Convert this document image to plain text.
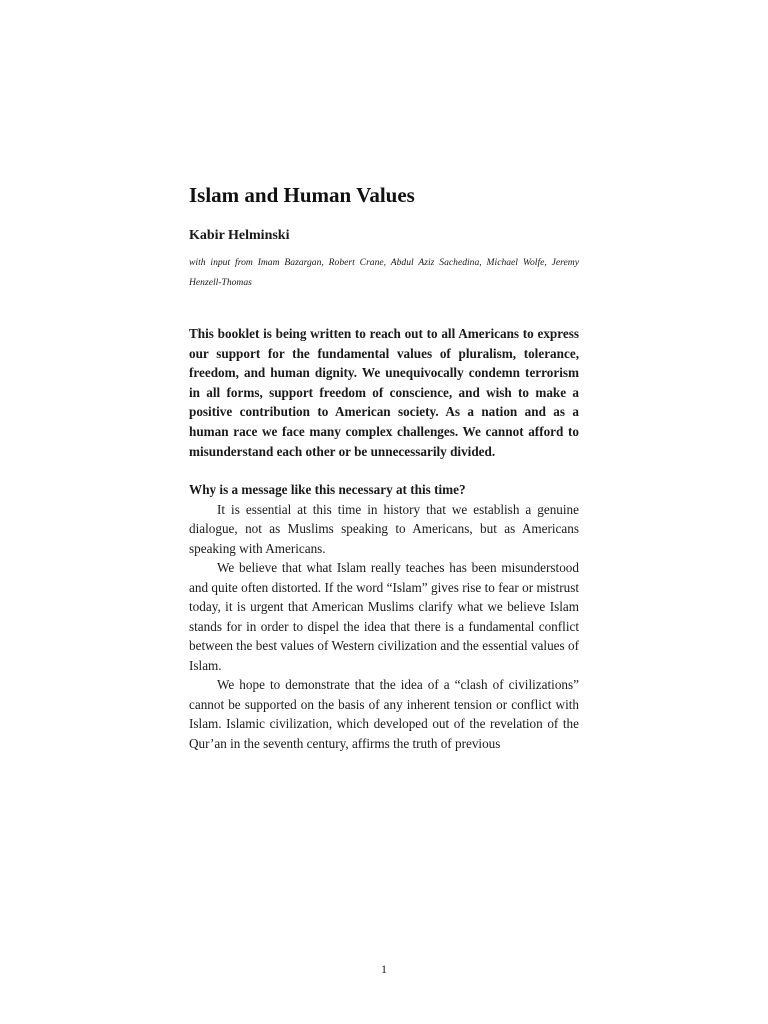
Islam and Human Values
Kabir Helminski
with input from Imam Bazargan, Robert Crane, Abdul Aziz Sachedina, Michael Wolfe, Jeremy Henzell-Thomas

This booklet is being written to reach out to all Americans to express our support for the fundamental values of pluralism, tolerance, freedom, and human dignity. We unequivocally condemn terrorism in all forms, support freedom of conscience, and wish to make a positive contribution to American society. As a nation and as a human race we face many complex challenges. We cannot afford to misunderstand each other or be unnecessarily divided.

Why is a message like this necessary at this time?

It is essential at this time in history that we establish a genuine dialogue, not as Muslims speaking to Americans, but as Americans speaking with Americans.

We believe that what Islam really teaches has been misunderstood and quite often distorted. If the word “Islam” gives rise to fear or mistrust today, it is urgent that American Muslims clarify what we believe Islam stands for in order to dispel the idea that there is a fundamental conflict between the best values of Western civilization and the essential values of Islam.

We hope to demonstrate that the idea of a “clash of civilizations” cannot be supported on the basis of any inherent tension or conflict with Islam. Islamic civilization, which developed out of the revelation of the Qur’an in the seventh century, affirms the truth of previous

1
